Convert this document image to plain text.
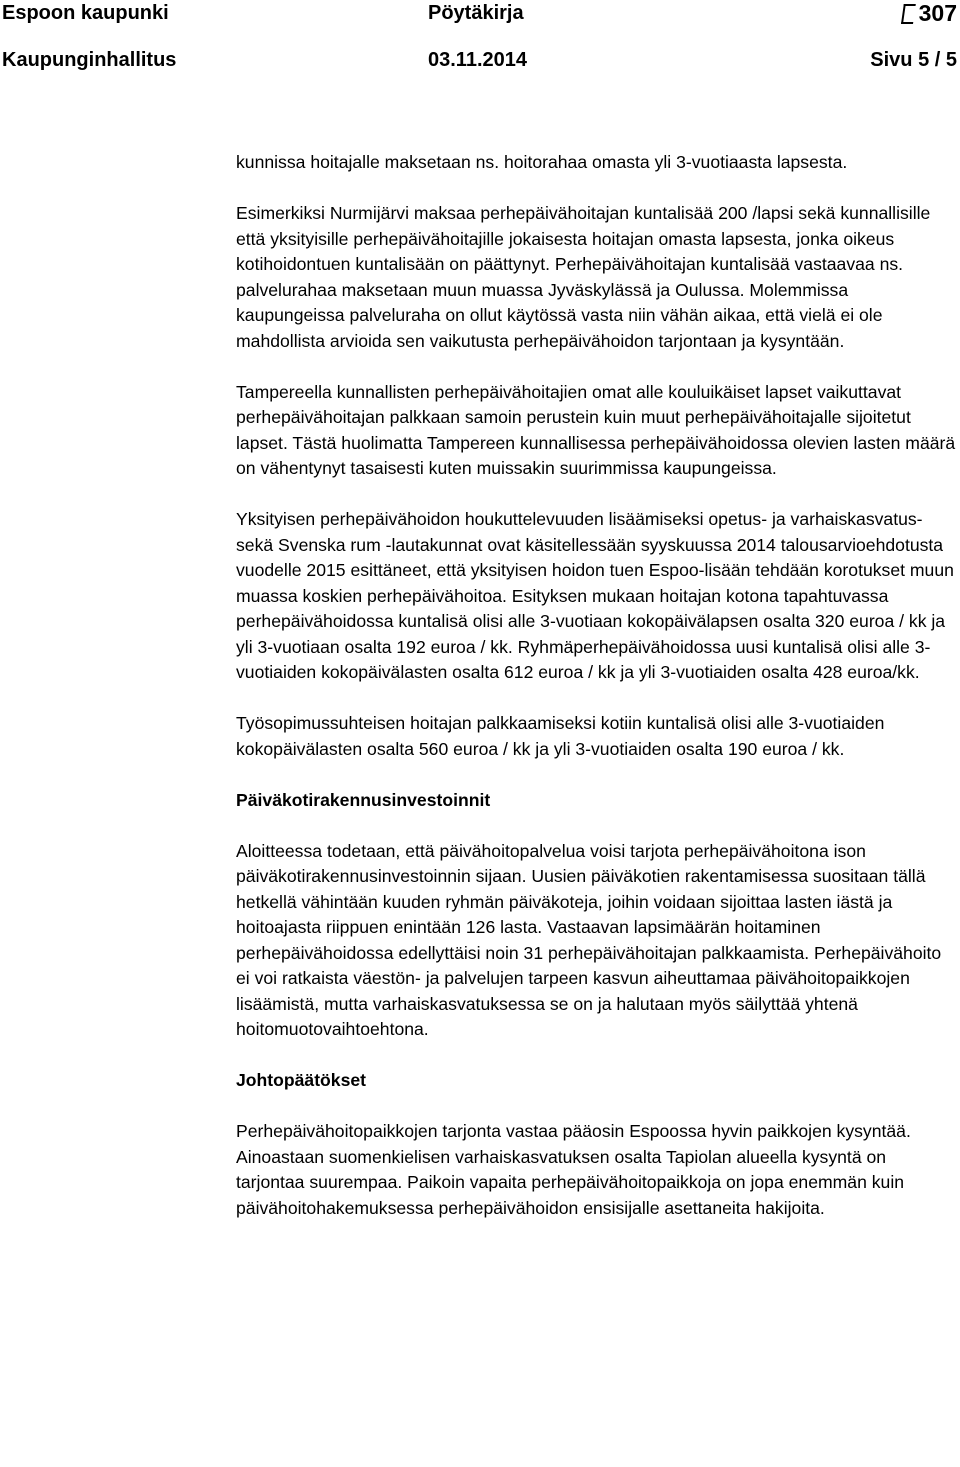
Espoon kaupunki	Pöytäkirja	307
Kaupunginhallitus	03.11.2014	Sivu 5 / 5

kunnissa hoitajalle maksetaan ns. hoitorahaa omasta yli 3-vuotiaasta lapsesta.

Esimerkiksi Nurmijärvi maksaa perhepäivähoitajan kuntalisää 200 /lapsi sekä kunnallisille että yksityisille perhepäivähoitajille jokaisesta hoitajan omasta lapsesta, jonka oikeus kotihoidontuen kuntalisään on päättynyt. Perhepäivähoitajan kuntalisää vastaavaa ns. palvelurahaa maksetaan muun muassa Jyväskylässä ja Oulussa. Molemmissa kaupungeissa palveluraha on ollut käytössä vasta niin vähän aikaa, että vielä ei ole mahdollista arvioida sen vaikutusta perhepäivähoidon tarjontaan ja kysyntään.

Tampereella kunnallisten perhepäivähoitajien omat alle kouluikäiset lapset vaikuttavat perhepäivähoitajan palkkaan samoin perustein kuin muut perhepäivähoitajalle sijoitetut lapset. Tästä huolimatta Tampereen kunnallisessa perhepäivähoidossa olevien lasten määrä on vähentynyt tasaisesti kuten muissakin suurimmissa kaupungeissa.

Yksityisen perhepäivähoidon houkuttelevuuden lisäämiseksi opetus- ja varhaiskasvatus- sekä Svenska rum -lautakunnat ovat käsitellessään syyskuussa 2014 talousarvioehdotusta vuodelle 2015 esittäneet, että yksityisen hoidon tuen Espoo-lisään tehdään korotukset muun muassa koskien perhepäivähoitoa. Esityksen mukaan hoitajan kotona tapahtuvassa perhepäivähoidossa kuntalisä olisi alle 3-vuotiaan kokopäivälapsen osalta 320 euroa / kk ja yli 3-vuotiaan osalta 192 euroa / kk. Ryhmäperhepäivähoidossa uusi kuntalisä olisi alle 3-vuotiaiden kokopäivälasten osalta 612 euroa / kk ja yli 3-vuotiaiden osalta 428 euroa/kk.

Työsopimussuhteisen hoitajan palkkaamiseksi kotiin kuntalisä olisi alle 3-vuotiaiden kokopäivälasten osalta 560 euroa / kk ja yli 3-vuotiaiden osalta 190 euroa / kk.

Päiväkotirakennusinvestoinnit

Aloitteessa todetaan, että päivähoitopalvelua voisi tarjota perhepäivähoitona ison päiväkotirakennusinvestoinnin sijaan. Uusien päiväkotien rakentamisessa suositaan tällä hetkellä vähintään kuuden ryhmän päiväkoteja, joihin voidaan sijoittaa lasten iästä ja hoitoajasta riippuen enintään 126 lasta. Vastaavan lapsimäärän hoitaminen perhepäivähoidossa edellyttäisi noin 31 perhepäivähoitajan palkkaamista. Perhepäivähoito ei voi ratkaista väestön- ja palvelujen tarpeen kasvun aiheuttamaa päivähoitopaikkojen lisäämistä, mutta varhaiskasvatuksessa se on ja halutaan myös säilyttää yhtenä hoitomuotovaihtoehtona.

Johtopäätökset

Perhepäivähoitopaikkojen tarjonta vastaa pääosin Espoossa hyvin paikkojen kysyntää. Ainoastaan suomenkielisen varhaiskasvatuksen osalta Tapiolan alueella kysyntä on tarjontaa suurempaa. Paikoin vapaita perhepäivähoitopaikkoja on jopa enemmän kuin päivähoitohakemuksessa perhepäivähoidon ensisijalle asettaneita hakijoita.
